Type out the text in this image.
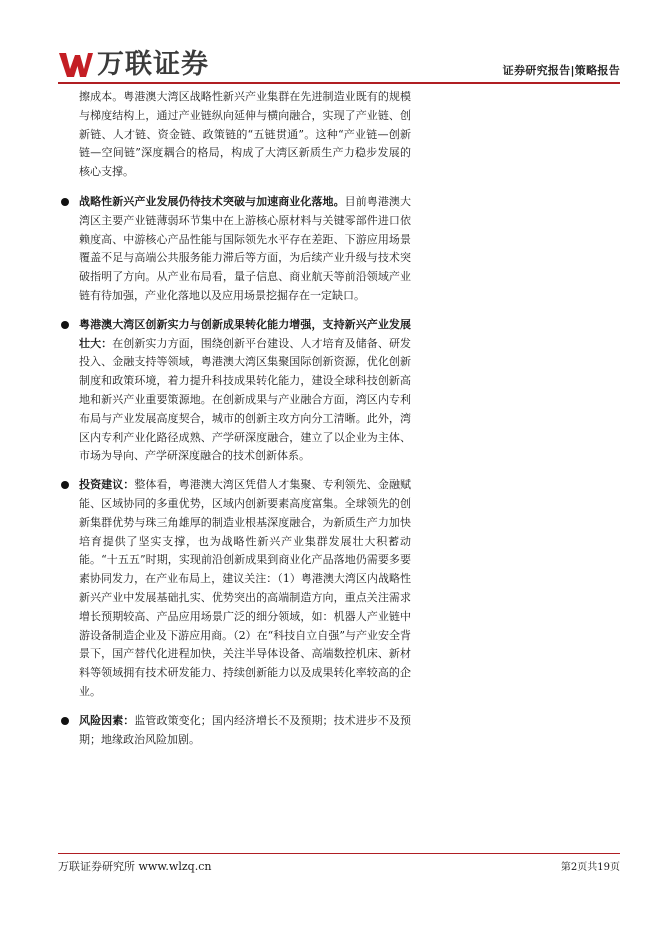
万联证券	证券研究报告|策略报告

擦成本。粤港澳大湾区战略性新兴产业集群在先进制造业既有的规模与梯度结构上，通过产业链纵向延伸与横向融合，实现了产业链、创新链、人才链、资金链、政策链的“五链贯通”。这种“产业链—创新链—空间链”深度耦合的格局，构成了大湾区新质生产力稳步发展的核心支撑。

战略性新兴产业发展仍待技术突破与加速商业化落地。目前粤港澳大湾区主要产业链薄弱环节集中在上游核心原材料与关键零部件进口依赖度高、中游核心产品性能与国际领先水平存在差距、下游应用场景覆盖不足与高端公共服务能力滞后等方面，为后续产业升级与技术突破指明了方向。从产业布局看，量子信息、商业航天等前沿领域产业链有待加强，产业化落地以及应用场景挖掘存在一定缺口。

粤港澳大湾区创新实力与创新成果转化能力增强，支持新兴产业发展壮大：在创新实力方面，围绕创新平台建设、人才培育及储备、研发投入、金融支持等领域，粤港澳大湾区集聚国际创新资源，优化创新制度和政策环境，着力提升科技成果转化能力，建设全球科技创新高地和新兴产业重要策源地。在创新成果与产业融合方面，湾区内专利布局与产业发展高度契合，城市的创新主攻方向分工清晰。此外，湾区内专利产业化路径成熟、产学研深度融合，建立了以企业为主体、市场为导向、产学研深度融合的技术创新体系。

投资建议：整体看，粤港澳大湾区凭借人才集聚、专利领先、金融赋能、区域协同的多重优势，区域内创新要素高度富集。全球领先的创新集群优势与珠三角雄厚的制造业根基深度融合，为新质生产力加快培育提供了坚实支撑，也为战略性新兴产业集群发展壮大积蓄动能。“十五五”时期，实现前沿创新成果到商业化产品落地仍需要多要素协同发力，在产业布局上，建议关注：（1）粤港澳大湾区内战略性新兴产业中发展基础扎实、优势突出的高端制造方向，重点关注需求增长预期较高、产品应用场景广泛的细分领域，如：机器人产业链中游设备制造企业及下游应用商。（2）在“科技自立自强”与产业安全背景下，国产替代化进程加快，关注半导体设备、高端数控机床、新材料等领域拥有技术研发能力、持续创新能力以及成果转化率较高的企业。

风险因素：监管政策变化；国内经济增长不及预期；技术进步不及预期；地缘政治风险加剧。

万联证券研究所 www.wlzq.cn	第2页共19页
